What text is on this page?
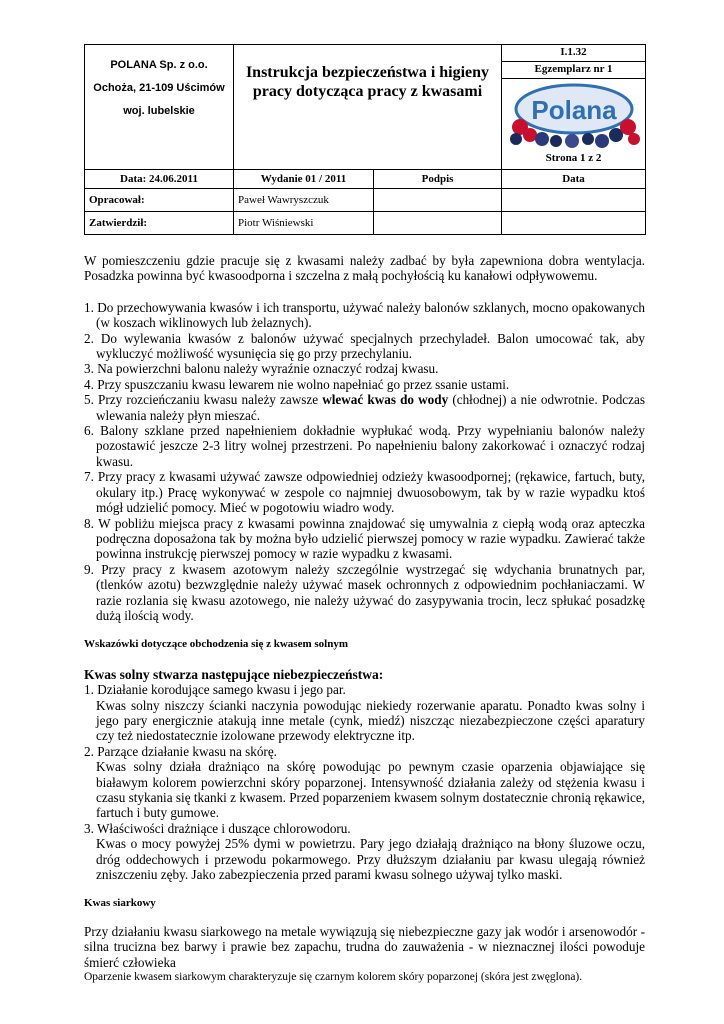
POLANA Sp. z o.o.
Ochoża, 21-109 Uścimów
woj. lubelskie	Instrukcja bezpieczeństwa i higieny pracy dotycząca pracy z kwasami		I.1.32
			Egzemplarz nr 1

Polana
Strona 1 z 2

Data: 24.06.2011	Wydanie 01 / 2011	Podpis	Data
Opracował:	Paweł Wawryszczuk		
Zatwierdził:	Piotr Wiśniewski		

W pomieszczeniu gdzie pracuje się z kwasami należy zadbać by była zapewniona dobra wentylacja. Posadzka powinna być kwasoodporna i szczelna z małą pochyłością ku kanałowi odpływowemu.

1. Do przechowywania kwasów i ich transportu, używać należy balonów szklanych, mocno opakowanych (w koszach wiklinowych lub żelaznych).
2. Do wylewania kwasów z balonów używać specjalnych przechyladeł. Balon umocować tak, aby wykluczyć możliwość wysunięcia się go przy przechylaniu.
3. Na powierzchni balonu należy wyraźnie oznaczyć rodzaj kwasu.
4. Przy spuszczaniu kwasu lewarem nie wolno napełniać go przez ssanie ustami.
5. Przy rozcieńczaniu kwasu należy zawsze wlewać kwas do wody (chłodnej) a nie odwrotnie. Podczas wlewania należy płyn mieszać.
6. Balony szklane przed napełnieniem dokładnie wypłukać wodą. Przy wypełnianiu balonów należy pozostawić jeszcze 2-3 litry wolnej przestrzeni. Po napełnieniu balony zakorkować i oznaczyć rodzaj kwasu.
7. Przy pracy z kwasami używać zawsze odpowiedniej odzieży kwasoodpornej; (rękawice, fartuch, buty, okulary itp.) Pracę wykonywać w zespole co najmniej dwuosobowym, tak by w razie wypadku ktoś mógł udzielić pomocy. Mieć w pogotowiu wiadro wody.
8. W pobliżu miejsca pracy z kwasami powinna znajdować się umywalnia z ciepłą wodą oraz apteczka podręczna doposażona tak by można było udzielić pierwszej pomocy w razie wypadku. Zawierać także powinna instrukcję pierwszej pomocy w razie wypadku z kwasami.
9. Przy pracy z kwasem azotowym należy szczególnie wystrzegać się wdychania brunatnych par, (tlenków azotu) bezwzględnie należy używać masek ochronnych z odpowiednim pochłaniaczami. W razie rozlania się kwasu azotowego, nie należy używać do zasypywania trocin, lecz spłukać posadzkę dużą ilością wody.
Wskazówki dotyczące obchodzenia się z kwasem solnym
Kwas solny stwarza następujące niebezpieczeństwa:
1. Działanie korodujące samego kwasu i jego par.
Kwas solny niszczy ścianki naczynia powodując niekiedy rozerwanie aparatu. Ponadto kwas solny i jego pary energicznie atakują inne metale (cynk, miedź) niszcząc niezabezpieczone części aparatury czy też niedostatecznie izolowane przewody elektryczne itp.
2. Parzące działanie kwasu na skórę.
Kwas solny działa drażniąco na skórę powodując po pewnym czasie oparzenia objawiające się białawym kolorem powierzchni skóry poparzonej. Intensywność działania zależy od stężenia kwasu i czasu stykania się tkanki z kwasem. Przed poparzeniem kwasem solnym dostatecznie chronią rękawice, fartuch i buty gumowe.
3. Właściwości drażniące i duszące chlorowodoru.
Kwas o mocy powyżej 25% dymi w powietrzu. Pary jego działają drażniąco na błony śluzowe oczu, dróg oddechowych i przewodu pokarmowego. Przy dłuższym działaniu par kwasu ulegają również zniszczeniu zęby. Jako zabezpieczenia przed parami kwasu solnego używaj tylko maski.
Kwas siarkowy

Przy działaniu kwasu siarkowego na metale wywiązują się niebezpieczne gazy jak wodór i arsenowodór - silna trucizna bez barwy i prawie bez zapachu, trudna do zauważenia - w nieznacznej ilości powoduje śmierć człowieka

Oparzenie kwasem siarkowym charakteryzuje się czarnym kolorem skóry poparzonej (skóra jest zwęglona).
